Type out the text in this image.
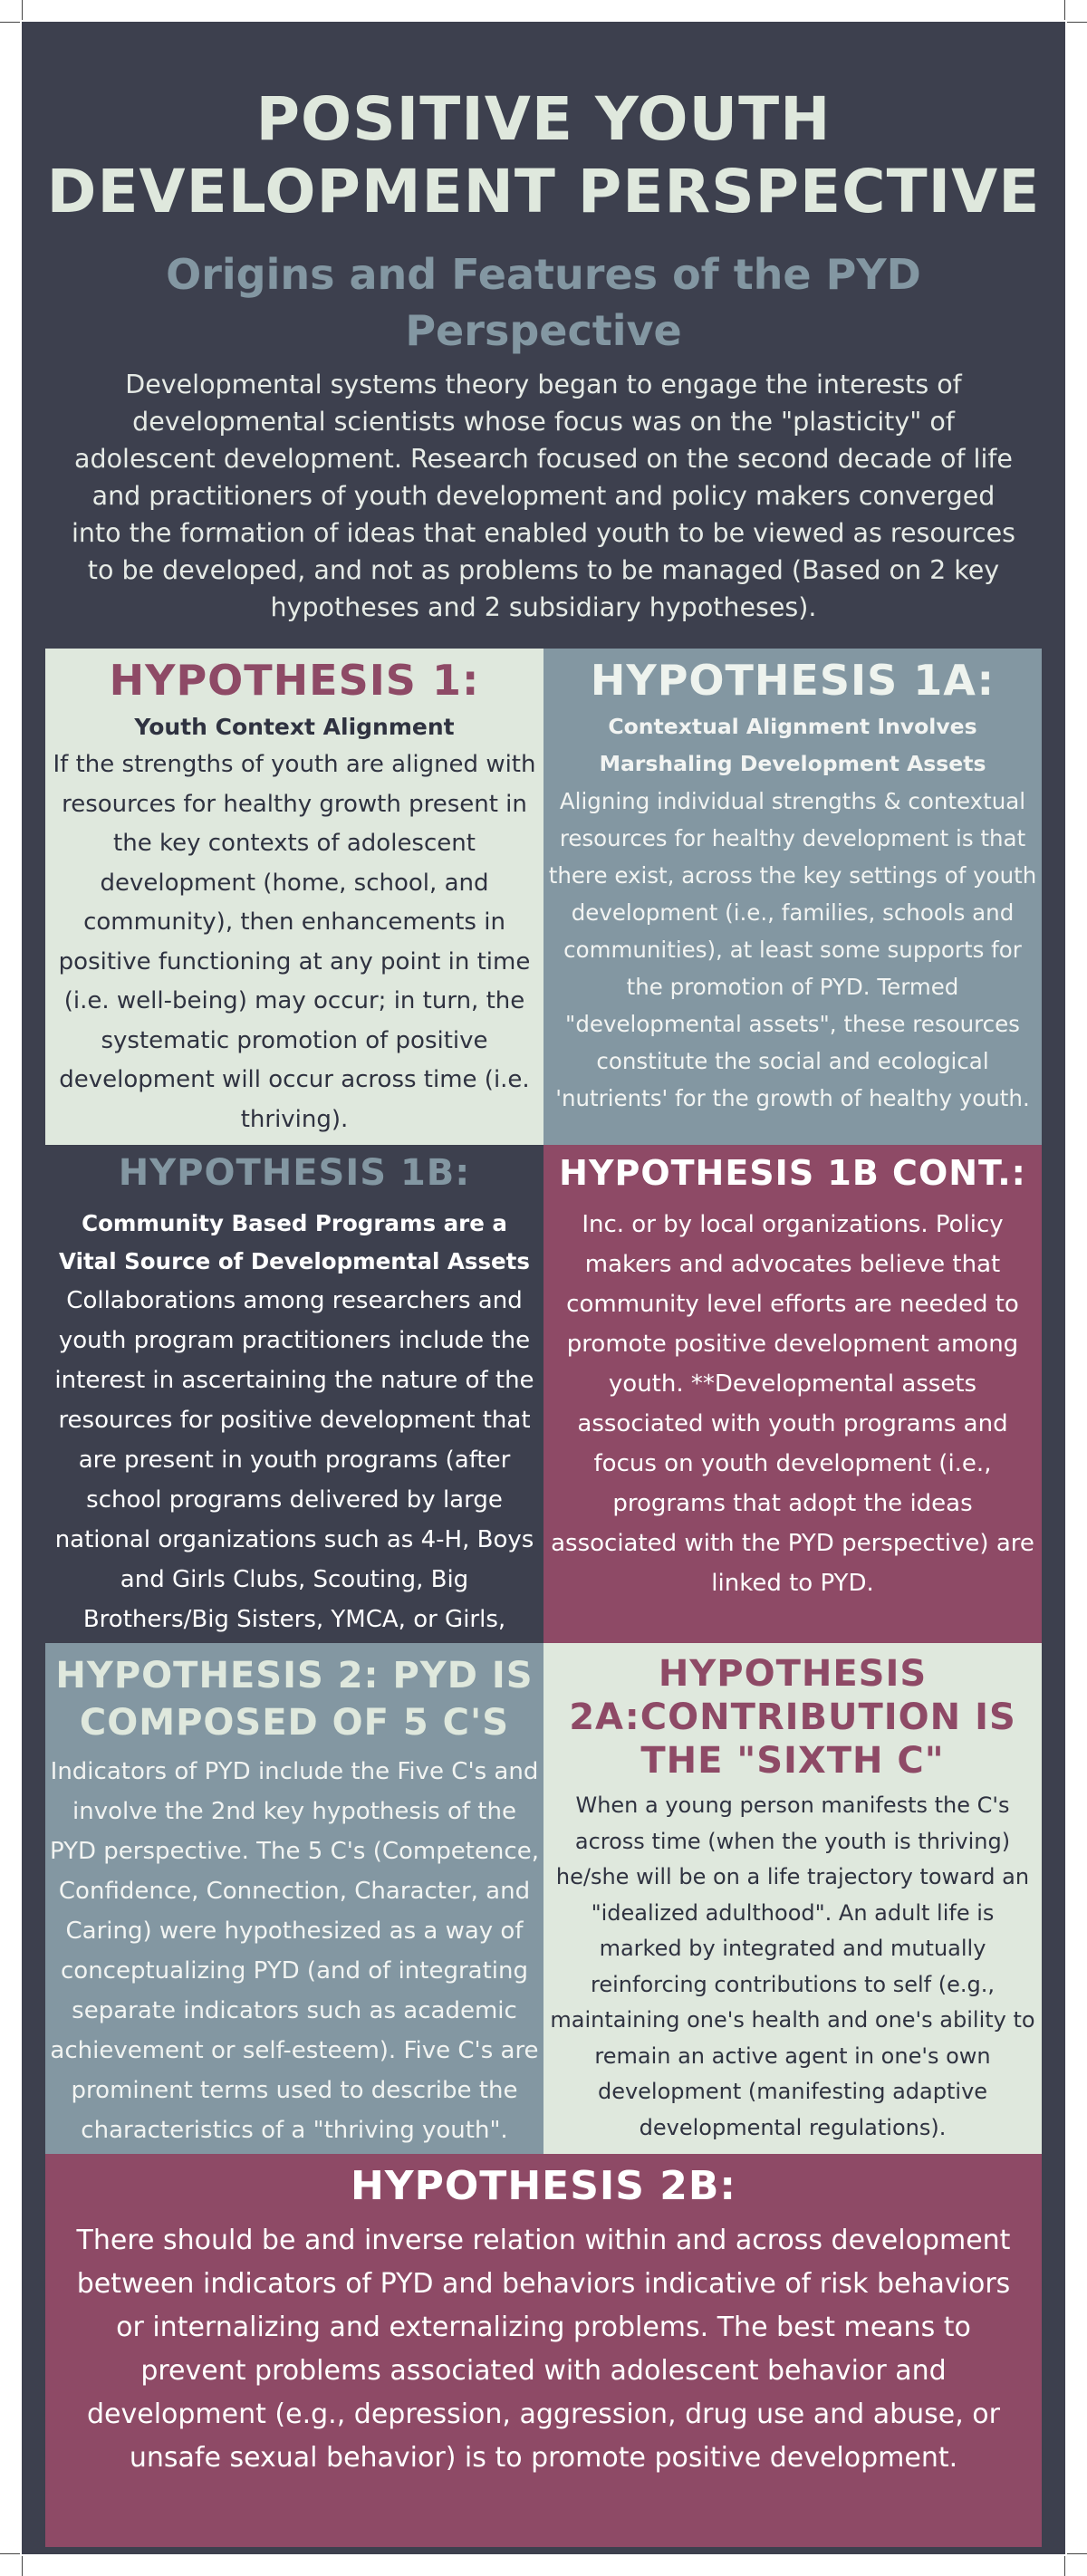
POSITIVE YOUTH DEVELOPMENT PERSPECTIVE
Origins and Features of the PYD Perspective

Developmental systems theory began to engage the interests of developmental scientists whose focus was on the "plasticity" of adolescent development. Research focused on the second decade of life and practitioners of youth development and policy makers converged into the formation of ideas that enabled youth to be viewed as resources to be developed, and not as problems to be managed (Based on 2 key hypotheses and 2 subsidiary hypotheses).

HYPOTHESIS 1:
Youth Context Alignment
If the strengths of youth are aligned with resources for healthy growth present in the key contexts of adolescent development (home, school, and community), then enhancements in positive functioning at any point in time (i.e. well-being) may occur; in turn, the systematic promotion of positive development will occur across time (i.e. thriving).
HYPOTHESIS 1A:
Contextual Alignment Involves Marshaling Development Assets
Aligning individual strengths & contextual resources for healthy development is that there exist, across the key settings of youth development (i.e., families, schools and communities), at least some supports for the promotion of PYD. Termed "developmental assets", these resources constitute the social and ecological 'nutrients' for the growth of healthy youth.
HYPOTHESIS 1B:
Community Based Programs are a Vital Source of Developmental Assets
Collaborations among researchers and youth program practitioners include the interest in ascertaining the nature of the resources for positive development that are present in youth programs (after school programs delivered by large national organizations such as 4-H, Boys and Girls Clubs, Scouting, Big Brothers/Big Sisters, YMCA, or Girls,
HYPOTHESIS 1B CONT.:
Inc. or by local organizations. Policy makers and advocates believe that community level efforts are needed to promote positive development among youth. **Developmental assets associated with youth programs and focus on youth development (i.e., programs that adopt the ideas associated with the PYD perspective) are linked to PYD.
HYPOTHESIS 2: PYD IS COMPOSED OF 5 C'S
Indicators of PYD include the Five C's and involve the 2nd key hypothesis of the PYD perspective. The 5 C's (Competence, Confidence, Connection, Character, and Caring) were hypothesized as a way of conceptualizing PYD (and of integrating separate indicators such as academic achievement or self-esteem). Five C's are prominent terms used to describe the characteristics of a "thriving youth".
HYPOTHESIS 2A:CONTRIBUTION IS THE "SIXTH C"
When a young person manifests the C's across time (when the youth is thriving) he/she will be on a life trajectory toward an "idealized adulthood". An adult life is marked by integrated and mutually reinforcing contributions to self (e.g., maintaining one's health and one's ability to remain an active agent in one's own development (manifesting adaptive developmental regulations).
HYPOTHESIS 2B:
There should be and inverse relation within and across development between indicators of PYD and behaviors indicative of risk behaviors or internalizing and externalizing problems. The best means to prevent problems associated with adolescent behavior and development (e.g., depression, aggression, drug use and abuse, or unsafe sexual behavior) is to promote positive development.
